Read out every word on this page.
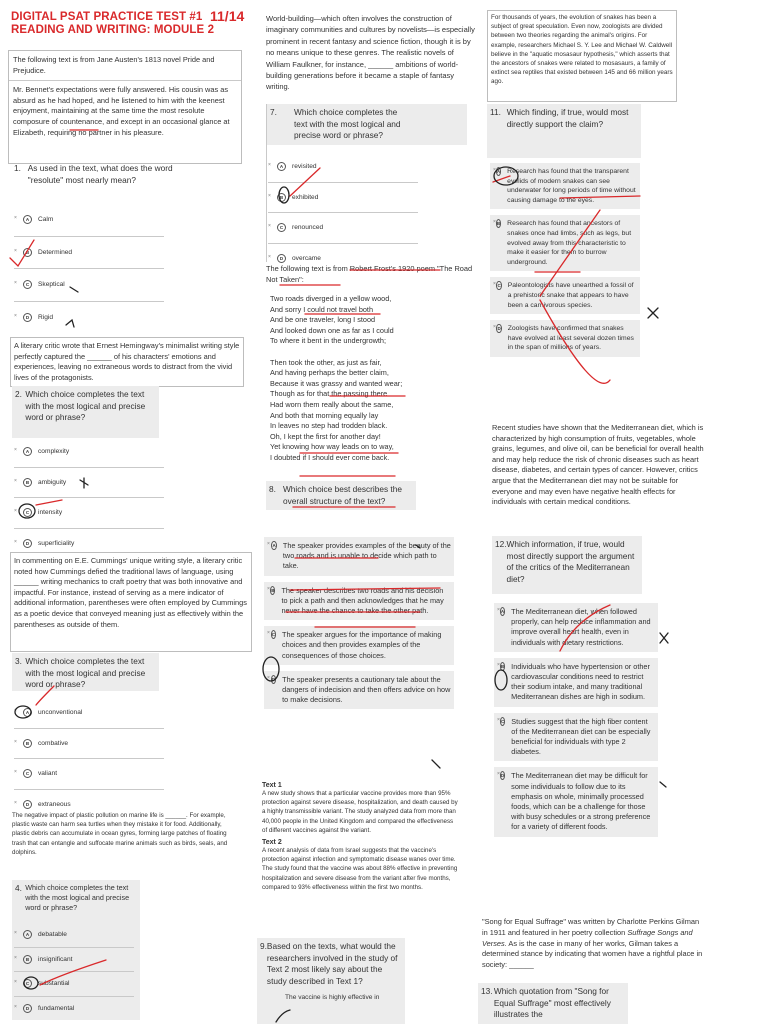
DIGITAL PSAT PRACTICE TEST #1
READING AND WRITING: MODULE 2
11/14
The following text is from Jane Austen's 1813 novel Pride and Prejudice.
Mr. Bennet's expectations were fully answered. His cousin was as absurd as he had hoped, and he listened to him with the keenest enjoyment, maintaining at the same time the most resolute composure of countenance, and except in an occasional glance at Elizabeth, requiring no partner in his pleasure.
1. As used in the text, what does the word "resolute" most nearly mean?
×	A	Calm
×	B	Determined
×	C	Skeptical
×	D	Rigid
A literary critic wrote that Ernest Hemingway's minimalist writing style perfectly captured the ______ of his characters' emotions and experiences, leaving no extraneous words to distract from the vivid lives of the protagonists.
2. Which choice completes the text with the most logical and precise word or phrase?
×	A	complexity
×	B	ambiguity
×	C	intensity
×	D	superficiality
In commenting on E.E. Cummings' unique writing style, a literary critic noted how Cummings defied the traditional laws of language, using ______ writing mechanics to craft poetry that was both innovative and impactful. For instance, instead of serving as a mere indicator of additional information, parentheses were often employed by Cummings as a poetic device that conveyed meaning just as effectively within the parentheses as outside of them.
3. Which choice completes the text with the most logical and precise word or phrase?
×	A	unconventional
×	B	combative
×	C	valiant
×	D	extraneous
The negative impact of plastic pollution on marine life is ______. For example, plastic waste can harm sea turtles when they mistake it for food. Additionally, plastic debris can accumulate in ocean gyres, forming large patches of floating trash that can entangle and suffocate marine animals such as birds, seals, and dolphins.
4. Which choice completes the text with the most logical and precise word or phrase?
×	A	debatable
×	B	insignificant
×	C	substantial
×	D	fundamental
World-building—which often involves the construction of imaginary communities and cultures by novelists—is especially prominent in recent fantasy and science fiction, though it is by no means unique to these genres. The realistic novels of William Faulkner, for instance, ______ ambitions of world-building generations before it became a staple of fantasy writing.
7.	Which choice completes the text with the most logical and precise word or phrase?
×	A	revisited
×	B	exhibited
×	C	renounced
×	D	overcame
The following text is from Robert Frost's 1920 poem "The Road Not Taken":
Two roads diverged in a yellow wood,
And sorry I could not travel both
And be one traveler, long I stood
And looked down one as far as I could
To where it bent in the undergrowth;
Then took the other, as just as fair,
And having perhaps the better claim,
Because it was grassy and wanted wear;
Though as for that the passing there
Had worn them really about the same,
And both that morning equally lay
In leaves no step had trodden black.
Oh, I kept the first for another day!
Yet knowing how way leads on to way,
I doubted if I should ever come back.
8. Which choice best describes the overall structure of the text?
× A The speaker provides examples of the beauty of the two roads and is unable to decide which path to take.
× B The speaker describes two roads and his decision to pick a path and then acknowledges that he may never have the chance to take the other path.
× C The speaker argues for the importance of making choices and then provides examples of the consequences of those choices.
× D The speaker presents a cautionary tale about the dangers of indecision and then offers advice on how to make decisions.
Text 1
A new study shows that a particular vaccine provides more than 95% protection against severe disease, hospitalization, and death caused by a highly transmissible variant. The study analyzed data from more than 40,000 people in the United Kingdom and compared the effectiveness of different vaccines against the variant.
Text 2
A recent analysis of data from Israel suggests that the vaccine's protection against infection and symptomatic disease wanes over time. The study found that the vaccine was about 88% effective in preventing hospitalization and severe disease from the variant after five months, compared to 93% effectiveness within the first two months.
9. Based on the texts, what would the researchers involved in the study of Text 2 most likely say about the study described in Text 1?
The vaccine is highly effective in
For thousands of years, the evolution of snakes has been a subject of great speculation. Even now, zoologists are divided between two theories regarding the animal's origins. For example, researchers Michael S. Y. Lee and Michael W. Caldwell believe in the "aquatic mosasaur hypothesis," which asserts that the ancestors of snakes were related to mosasaurs, a family of extinct sea reptiles that existed between 145 and 66 million years ago.
11. Which finding, if true, would most directly support the claim?
× A Research has found that the transparent eyelids of modern snakes can see underwater for long periods of time without causing damage to the eyes.
× B Research has found that ancestors of snakes once had limbs, such as legs, but evolved away from this characteristic to make it easier for them to burrow underground.
× C Paleontologists have unearthed a fossil of a prehistoric snake that appears to have been a carnivorous species.
× D Zoologists have confirmed that snakes have evolved at least several dozen times in the span of millions of years.
Recent studies have shown that the Mediterranean diet, which is characterized by high consumption of fruits, vegetables, whole grains, legumes, and olive oil, can be beneficial for overall health and may help reduce the risk of chronic diseases such as heart disease, diabetes, and certain types of cancer. However, critics argue that the Mediterranean diet may not be suitable for everyone and may even have negative health effects for individuals with certain medical conditions.
12. Which information, if true, would most directly support the argument of the critics of the Mediterranean diet?
× A The Mediterranean diet, when followed properly, can help reduce inflammation and improve overall heart health, even in individuals with dietary restrictions.
× B Individuals who have hypertension or other cardiovascular conditions need to restrict their sodium intake, and many traditional Mediterranean dishes are high in sodium.
× C Studies suggest that the high fiber content of the Mediterranean diet can be especially beneficial for individuals with type 2 diabetes.
× D The Mediterranean diet may be difficult for some individuals to follow due to its emphasis on whole, minimally processed foods, which can be a challenge for those with busy schedules or a strong preference for a variety of different foods.
"Song for Equal Suffrage" was written by Charlotte Perkins Gilman in 1911 and featured in her poetry collection Suffrage Songs and Verses. As is the case in many of her works, Gilman takes a determined stance by indicating that women have a rightful place in society: ______
13. Which quotation from "Song for Equal Suffrage" most effectively illustrates the
